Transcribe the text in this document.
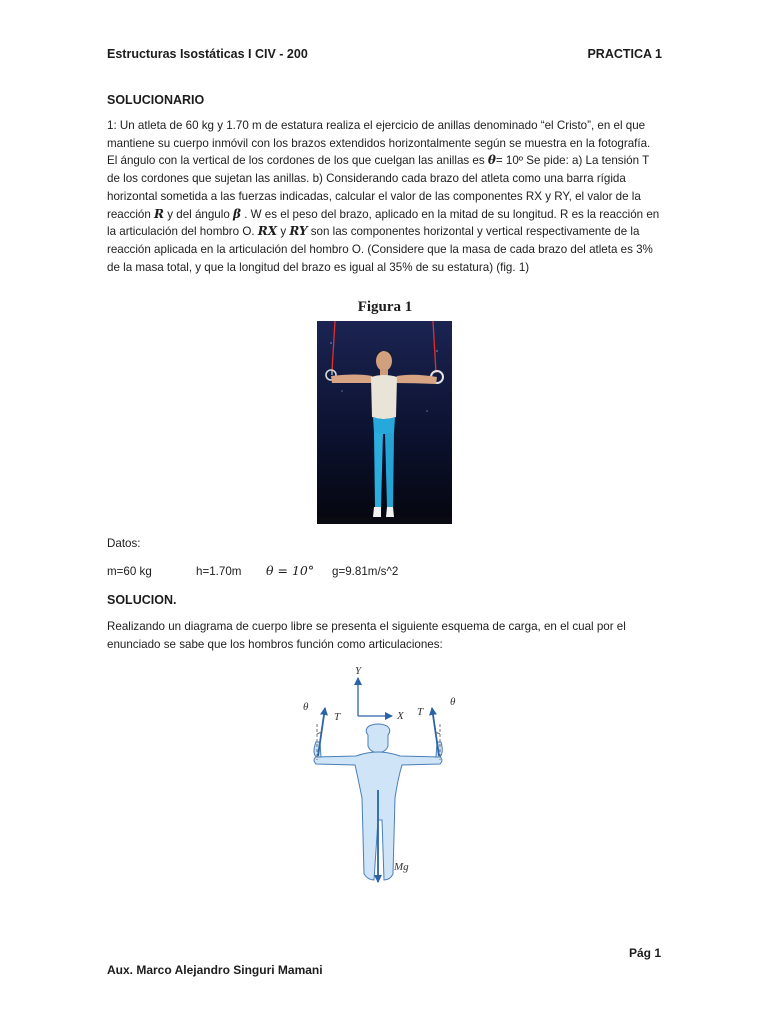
Estructuras Isostáticas I CIV - 200	PRACTICA 1
SOLUCIONARIO
1: Un atleta de 60 kg y 1.70 m de estatura realiza el ejercicio de anillas denominado “el Cristo”, en el que mantiene su cuerpo inmóvil con los brazos extendidos horizontalmente según se muestra en la fotografía. El ángulo con la vertical de los cordones de los que cuelgan las anillas es θ= 10º Se pide: a) La tensión T de los cordones que sujetan las anillas. b) Considerando cada brazo del atleta como una barra rígida horizontal sometida a las fuerzas indicadas, calcular el valor de las componentes RX y RY, el valor de la reacción R y del ángulo β . W es el peso del brazo, aplicado en la mitad de su longitud. R es la reacción en la articulación del hombro O. RX y RY son las componentes horizontal y vertical respectivamente de la reacción aplicada en la articulación del hombro O. (Considere que la masa de cada brazo del atleta es 3% de la masa total, y que la longitud del brazo es igual al 35% de su estatura) (fig. 1)
Figura 1
Datos:
m=60 kg	h=1.70m θ = 10° g=9.81m/s^2
SOLUCION.
Realizando un diagrama de cuerpo libre se presenta el siguiente esquema de carga, en el cual por el enunciado se sabe que los hombros función como articulaciones:
Y
X
θ
T	T
θ
Mg
Pág 1
Aux. Marco Alejandro Singuri Mamani
